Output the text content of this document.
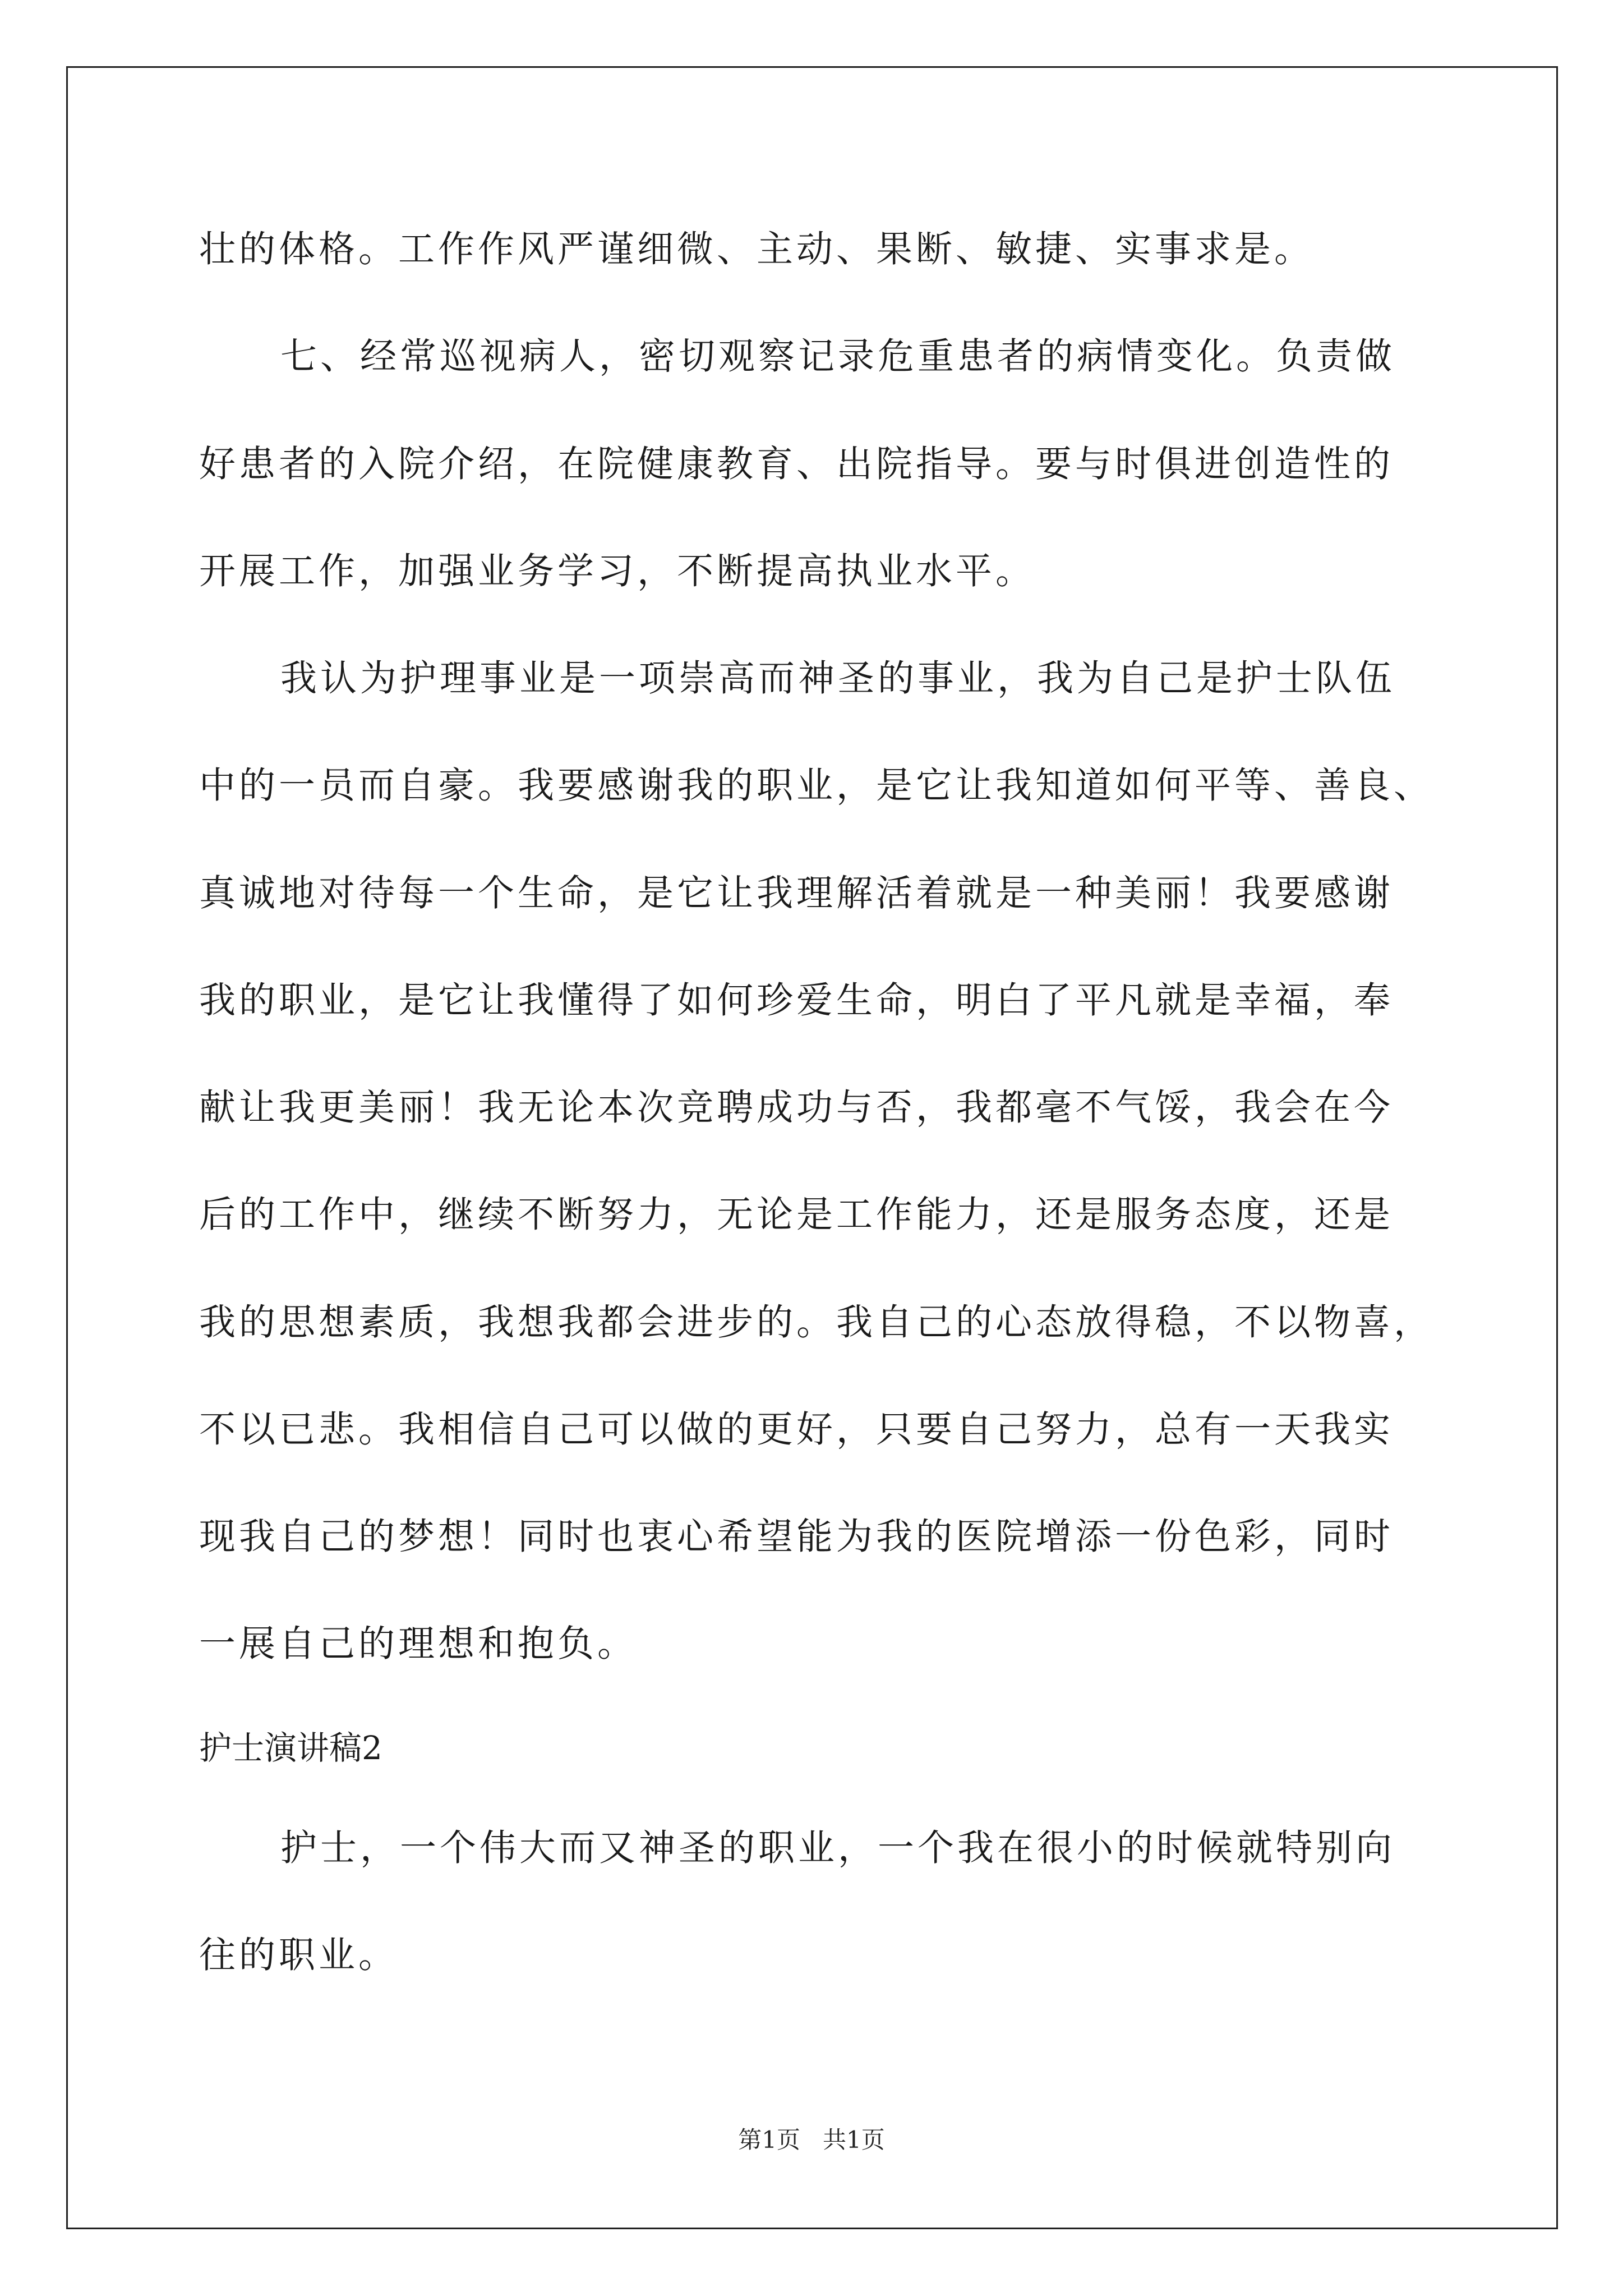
壮的体格。工作作风严谨细微、主动、果断、敏捷、实事求是。
七、经常巡视病人，密切观察记录危重患者的病情变化。负责做
好患者的入院介绍，在院健康教育、出院指导。要与时俱进创造性的
开展工作，加强业务学习，不断提高执业水平。
我认为护理事业是一项崇高而神圣的事业，我为自己是护士队伍
中的一员而自豪。我要感谢我的职业，是它让我知道如何平等、善良、
真诚地对待每一个生命，是它让我理解活着就是一种美丽！我要感谢
我的职业，是它让我懂得了如何珍爱生命，明白了平凡就是幸福，奉
献让我更美丽！我无论本次竞聘成功与否，我都毫不气馁，我会在今
后的工作中，继续不断努力，无论是工作能力，还是服务态度，还是
我的思想素质，我想我都会进步的。我自己的心态放得稳，不以物喜，
不以已悲。我相信自己可以做的更好，只要自己努力，总有一天我实
现我自己的梦想！同时也衷心希望能为我的医院增添一份色彩，同时
一展自己的理想和抱负。
护士演讲稿2
护士，一个伟大而又神圣的职业，一个我在很小的时候就特别向
往的职业。
第1页   共1页
